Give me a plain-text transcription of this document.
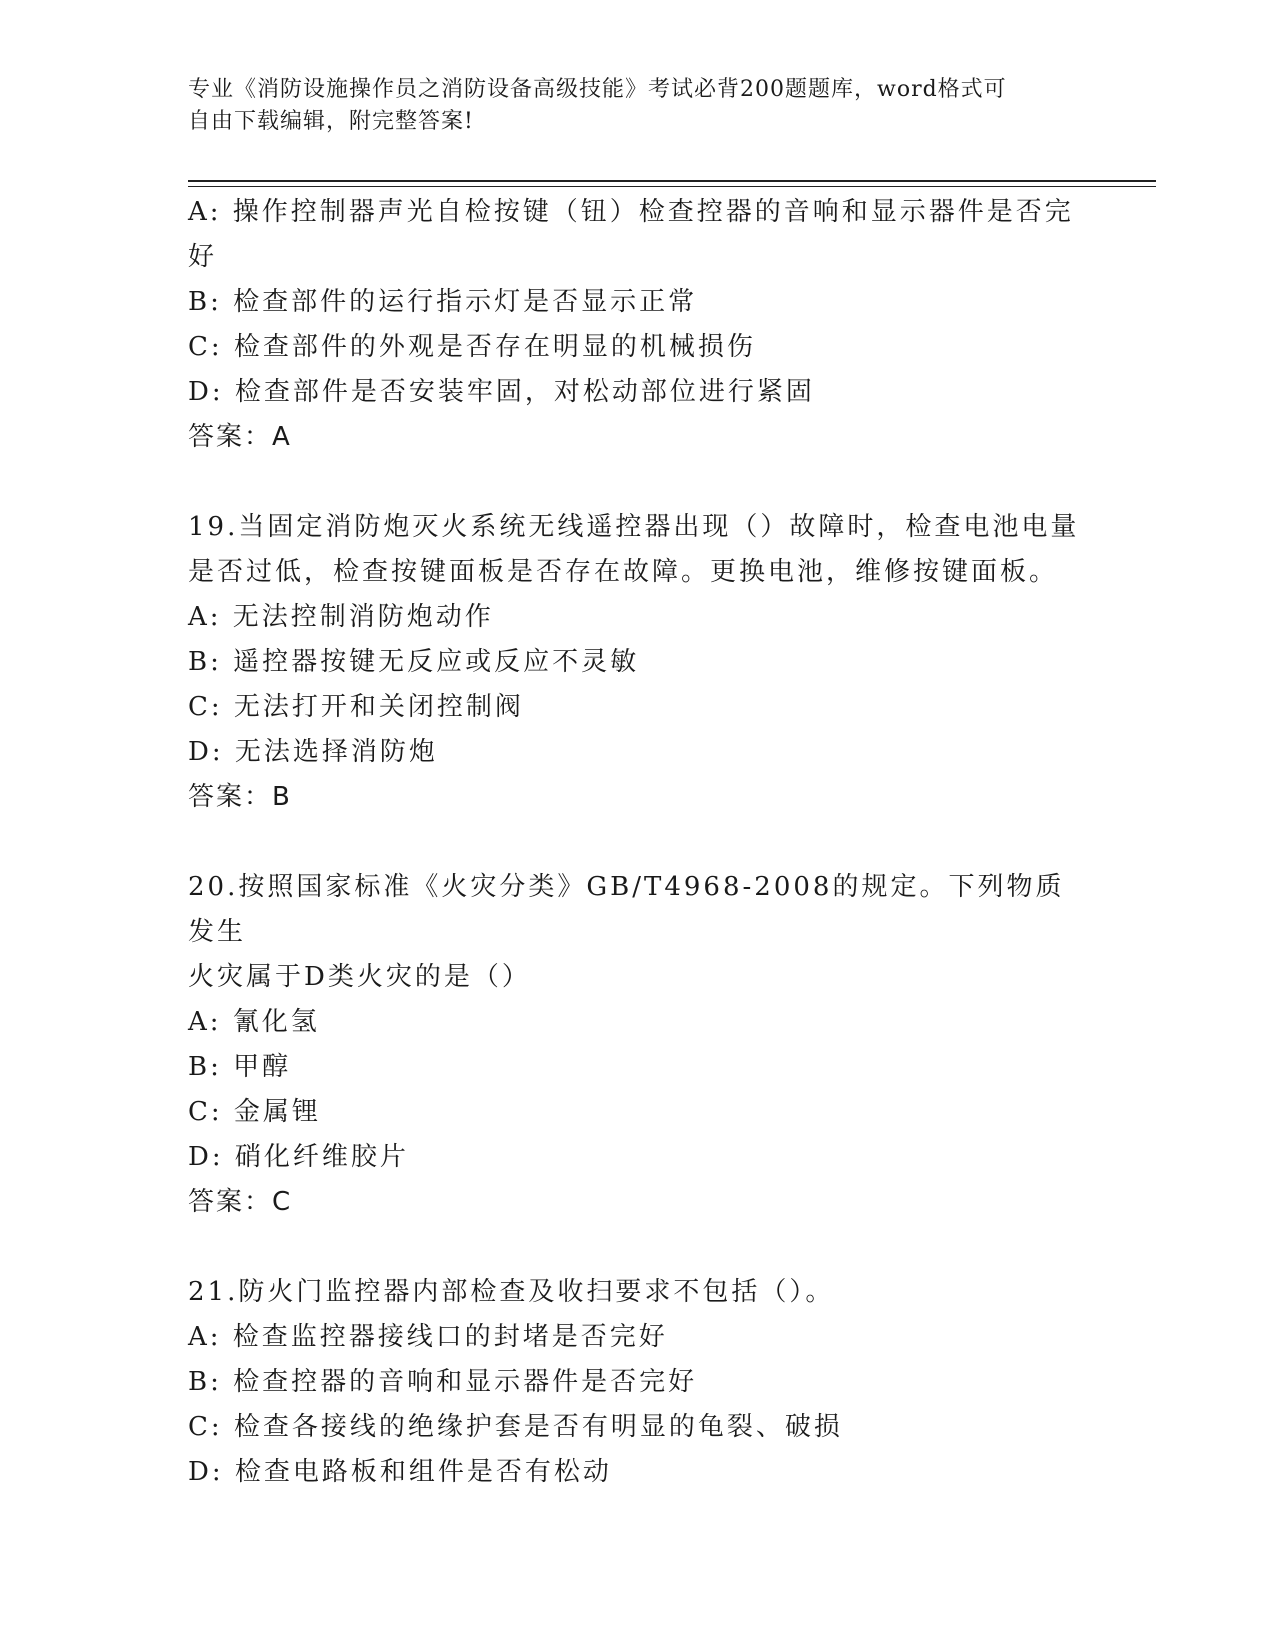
专业《消防设施操作员之消防设备高级技能》考试必背200题题库，word格式可
自由下载编辑，附完整答案!

A: 操作控制器声光自检按键（钮）检查控器的音响和显示器件是否完

好

B: 检查部件的运行指示灯是否显示正常

C: 检查部件的外观是否存在明显的机械损伤

D: 检查部件是否安装牢固，对松动部位进行紧固

答案：A

19.当固定消防炮灭火系统无线遥控器出现（）故障时，检查电池电量

是否过低，检查按键面板是否存在故障。更换电池，维修按键面板。

A: 无法控制消防炮动作

B: 遥控器按键无反应或反应不灵敏

C: 无法打开和关闭控制阀

D: 无法选择消防炮

答案：B

20.按照国家标准《火灾分类》GB/T4968-2008的规定。下列物质发生

火灾属于D类火灾的是（）

A: 氰化氢

B: 甲醇

C: 金属锂

D: 硝化纤维胶片

答案：C

21.防火门监控器内部检查及收扫要求不包括（）。

A: 检查监控器接线口的封堵是否完好

B: 检查控器的音响和显示器件是否完好

C: 检查各接线的绝缘护套是否有明显的龟裂、破损

D: 检查电路板和组件是否有松动
